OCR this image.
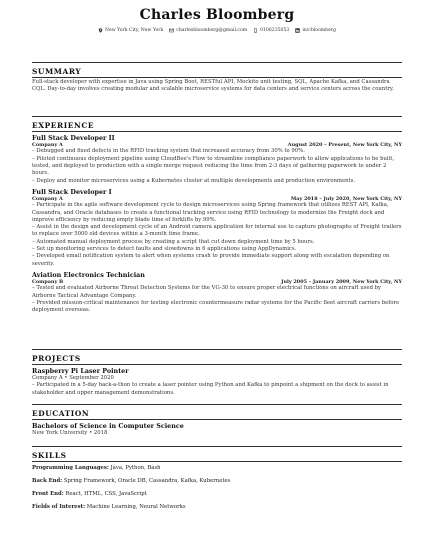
Charles Bloomberg
New York City, New York	charlesbloomberg@gmail.com	0106235053	in/cbloomberg
SUMMARY
Full-stack developer with expertise in Java using Spring Boot, RESTful API, Mockito unit testing, SQL, Apache Kafka, and Cassandra CQL. Day-to-day involves creating modular and scalable microservice systems for data centers and service centers across the country.
EXPERIENCE
Full Stack Developer II
Company A	August 2020 – Present, New York City, NY
– Debugged and fixed defects in the RFID tracking system that increased accuracy from 30% to 90%.
– Piloted continuous deployment pipeline using CloudBee's Flow to streamline compliance paperwork to allow applications to be built, tested, and deployed to production with a single merge request reducing the time from 2-3 days of gathering paperwork to under 2 hours.
– Deploy and monitor microservices using a Kubernetes cluster at multiple developments and production environments.
Full Stack Developer I
Company A	May 2018 – July 2020, New York City, NY
– Participate in the agile software development cycle to design microservices using Spring framework that utilizes REST API, Kafka, Cassandra, and Oracle databases to create a functional tracking service using RFID technology to modernize the Freight dock and improve efficiency by reducing empty blade time of forklifts by 99%.
– Assist in the design and development cycle of an Android camera application for internal use to capture photographs of Freight trailers to replace over 5000 old devices within a 3-month time frame.
– Automated manual deployment process by creating a script that cut down deployment time by 5 hours.
– Set up monitoring services to detect faults and slowdowns in 6 applications using AppDynamics.
– Developed email notification system to alert when systems crash to provide immediate support along with escalation depending on severity.
Aviation Electronics Technician
Company B	July 2005 – January 2009, New York City, NY
– Tested and evaluated Airborne Threat Detection Systems for the VG-30 to ensure proper electrical functions on aircraft used by Airborne Tactical Advantage Company.
– Provided mission-critical maintenance for testing electronic countermeasure radar systems for the Pacific fleet aircraft carriers before deployment overseas.
PROJECTS
Raspberry Pi Laser Pointer
Company A • September 2020
– Participated in a 5-day hack-a-thon to create a laser pointer using Python and Kafka to pinpoint a shipment on the dock to assist in stakeholder and upper management demonstrations.
EDUCATION
Bachelors of Science in Computer Science
New York University • 2018
SKILLS
Programming Languages: Java, Python, Bash
Back End: Spring Framework, Oracle DB, Cassandra, Kafka, Kubernetes
Front End: React, HTML, CSS, JavaScript
Fields of Interest: Machine Learning, Neural Networks
